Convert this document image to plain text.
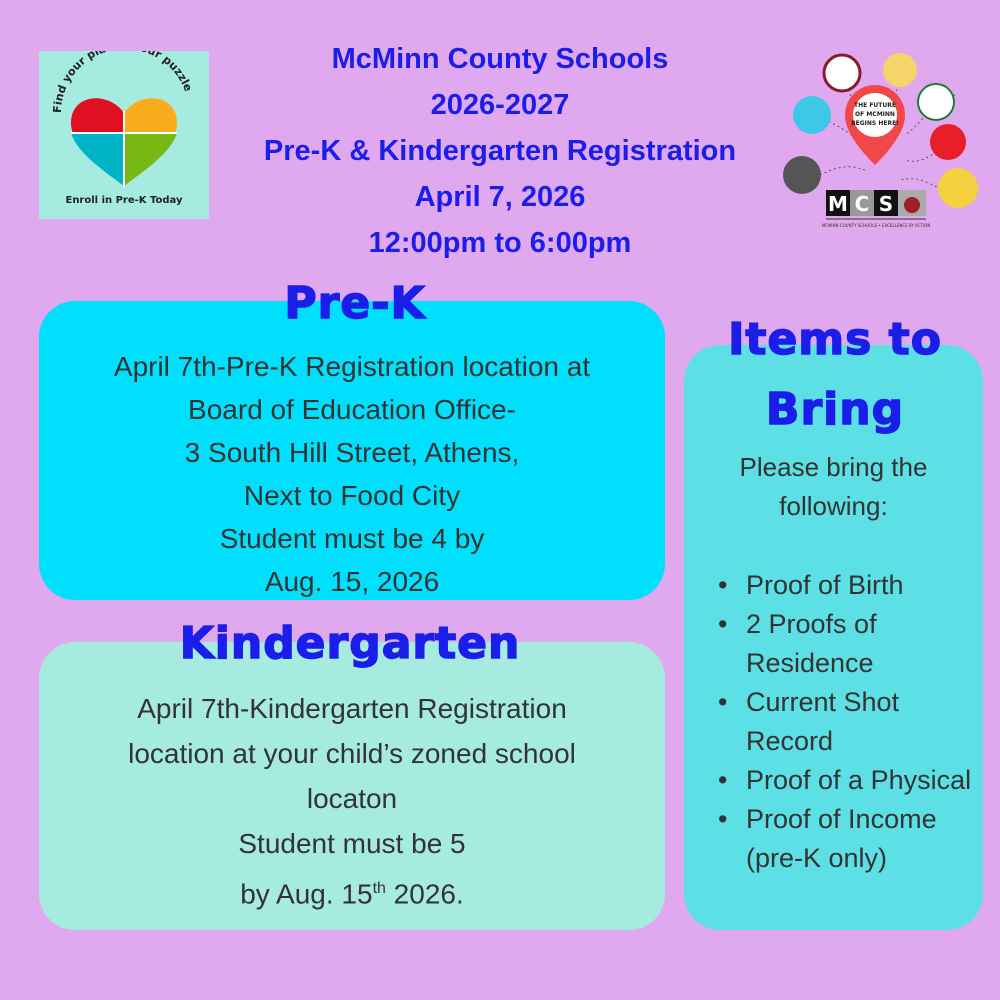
McMinn County Schools
2026-2027
Pre-K & Kindergarten Registration
April 7, 2026
12:00pm to 6:00pm
Find your pl ur puzzle
Enroll in Pre-K Today
THE FUTURE
OF MCMINN
BEGINS HERE!
M C S
MCMINN COUNTY SCHOOLS • EXCELLENCE BY ACTION
Pre-K
April 7th-Pre-K Registration location at
Board of Education Office-
3 South Hill Street, Athens,
Next to Food City
Student must be 4 by
Aug. 15, 2026
Kindergarten
April 7th-Kindergarten Registration
location at your child’s zoned school
locaton
Student must be 5
by Aug. 15th 2026.
Items to
Bring
Please bring the
following:
• Proof of Birth
• 2 Proofs of Residence
• Current Shot Record
• Proof of a Physical
• Proof of Income (pre-K only)
